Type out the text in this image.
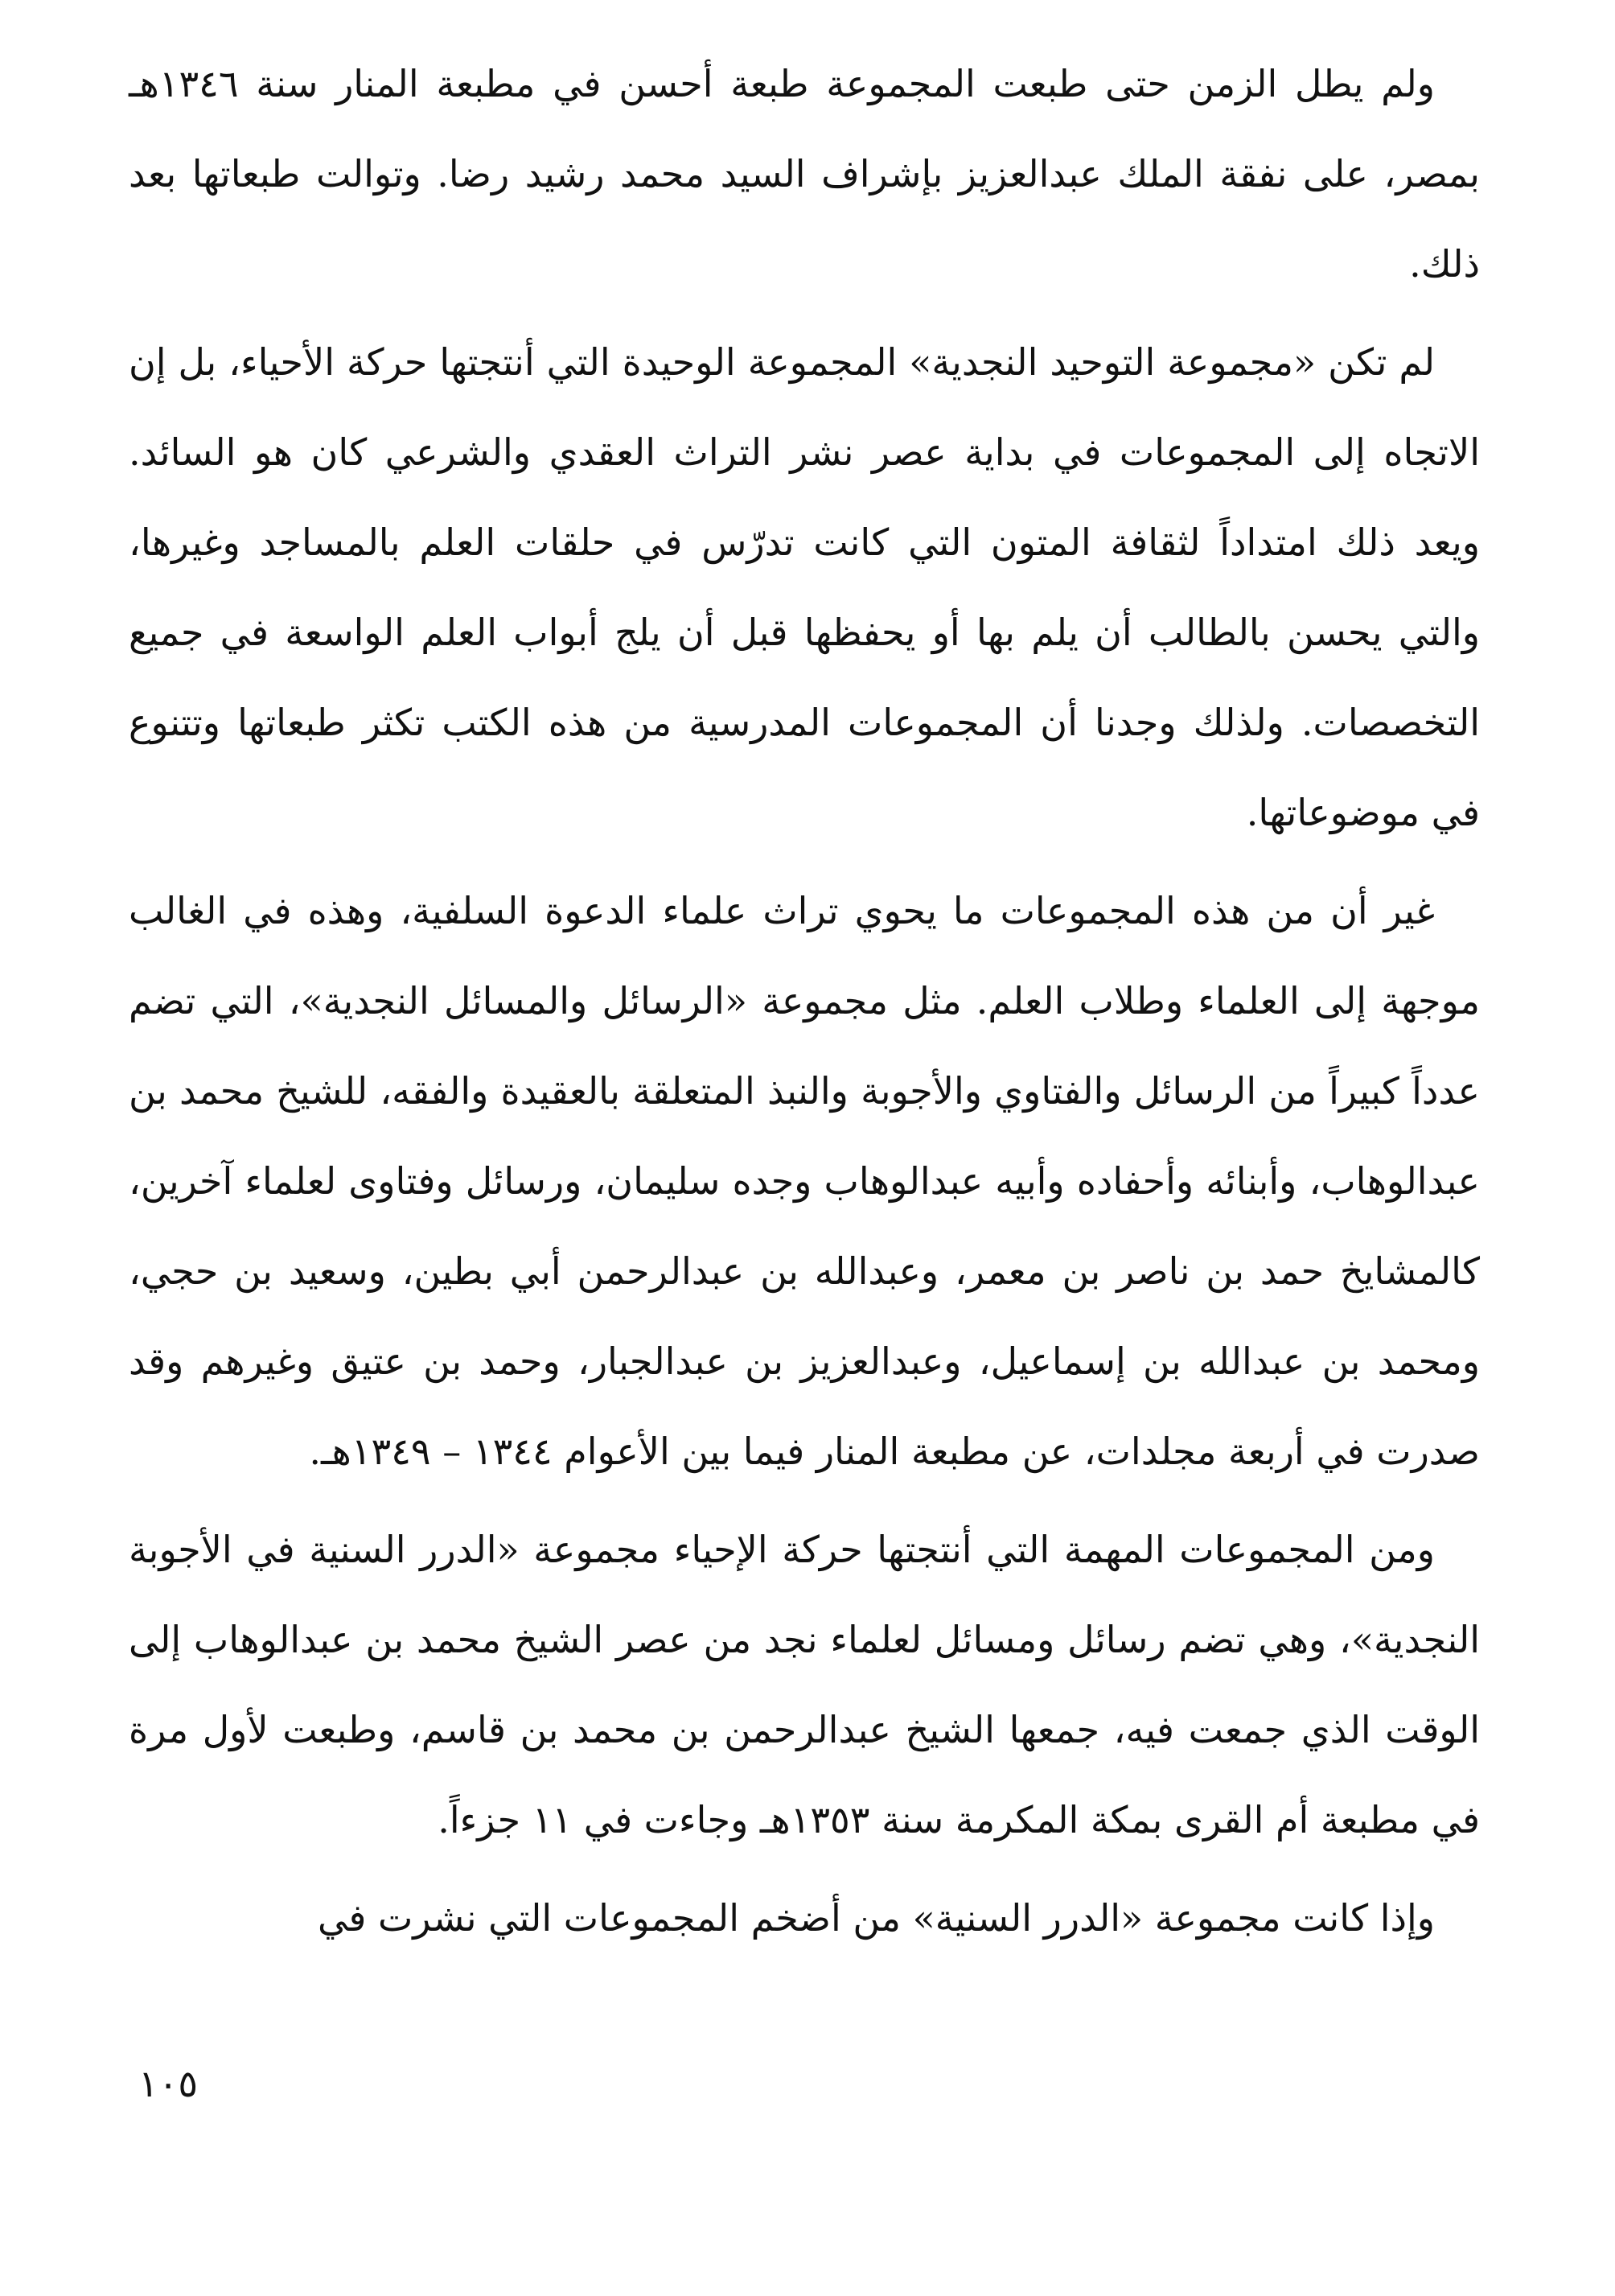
ولم يطل الزمن حتى طبعت المجموعة طبعة أحسن في مطبعة المنار سنة ١٣٤٦هـ بمصر، على نفقة الملك عبدالعزيز بإشراف السيد محمد رشيد رضا. وتوالت طبعاتها بعد ذلك.

لم تكن «مجموعة التوحيد النجدية» المجموعة الوحيدة التي أنتجتها حركة الأحياء، بل إن الاتجاه إلى المجموعات في بداية عصر نشر التراث العقدي والشرعي كان هو السائد. ويعد ذلك امتداداً لثقافة المتون التي كانت تدرّس في حلقات العلم بالمساجد وغيرها، والتي يحسن بالطالب أن يلم بها أو يحفظها قبل أن يلج أبواب العلم الواسعة في جميع التخصصات. ولذلك وجدنا أن المجموعات المدرسية من هذه الكتب تكثر طبعاتها وتتنوع في موضوعاتها.

غير أن من هذه المجموعات ما يحوي تراث علماء الدعوة السلفية، وهذه في الغالب موجهة إلى العلماء وطلاب العلم. مثل مجموعة «الرسائل والمسائل النجدية»، التي تضم عدداً كبيراً من الرسائل والفتاوي والأجوبة والنبذ المتعلقة بالعقيدة والفقه، للشيخ محمد بن عبدالوهاب، وأبنائه وأحفاده وأبيه عبدالوهاب وجده سليمان، ورسائل وفتاوى لعلماء آخرين، كالمشايخ حمد بن ناصر بن معمر، وعبدالله بن عبدالرحمن أبي بطين، وسعيد بن حجي، ومحمد بن عبدالله بن إسماعيل، وعبدالعزيز بن عبدالجبار، وحمد بن عتيق وغيرهم وقد صدرت في أربعة مجلدات، عن مطبعة المنار فيما بين الأعوام ١٣٤٤ – ١٣٤٩هـ.

ومن المجموعات المهمة التي أنتجتها حركة الإحياء مجموعة «الدرر السنية في الأجوبة النجدية»، وهي تضم رسائل ومسائل لعلماء نجد من عصر الشيخ محمد بن عبدالوهاب إلى الوقت الذي جمعت فيه، جمعها الشيخ عبدالرحمن بن محمد بن قاسم، وطبعت لأول مرة في مطبعة أم القرى بمكة المكرمة سنة ١٣٥٣هـ وجاءت في ١١ جزءاً.

وإذا كانت مجموعة «الدرر السنية» من أضخم المجموعات التي نشرت في

١٠٥
